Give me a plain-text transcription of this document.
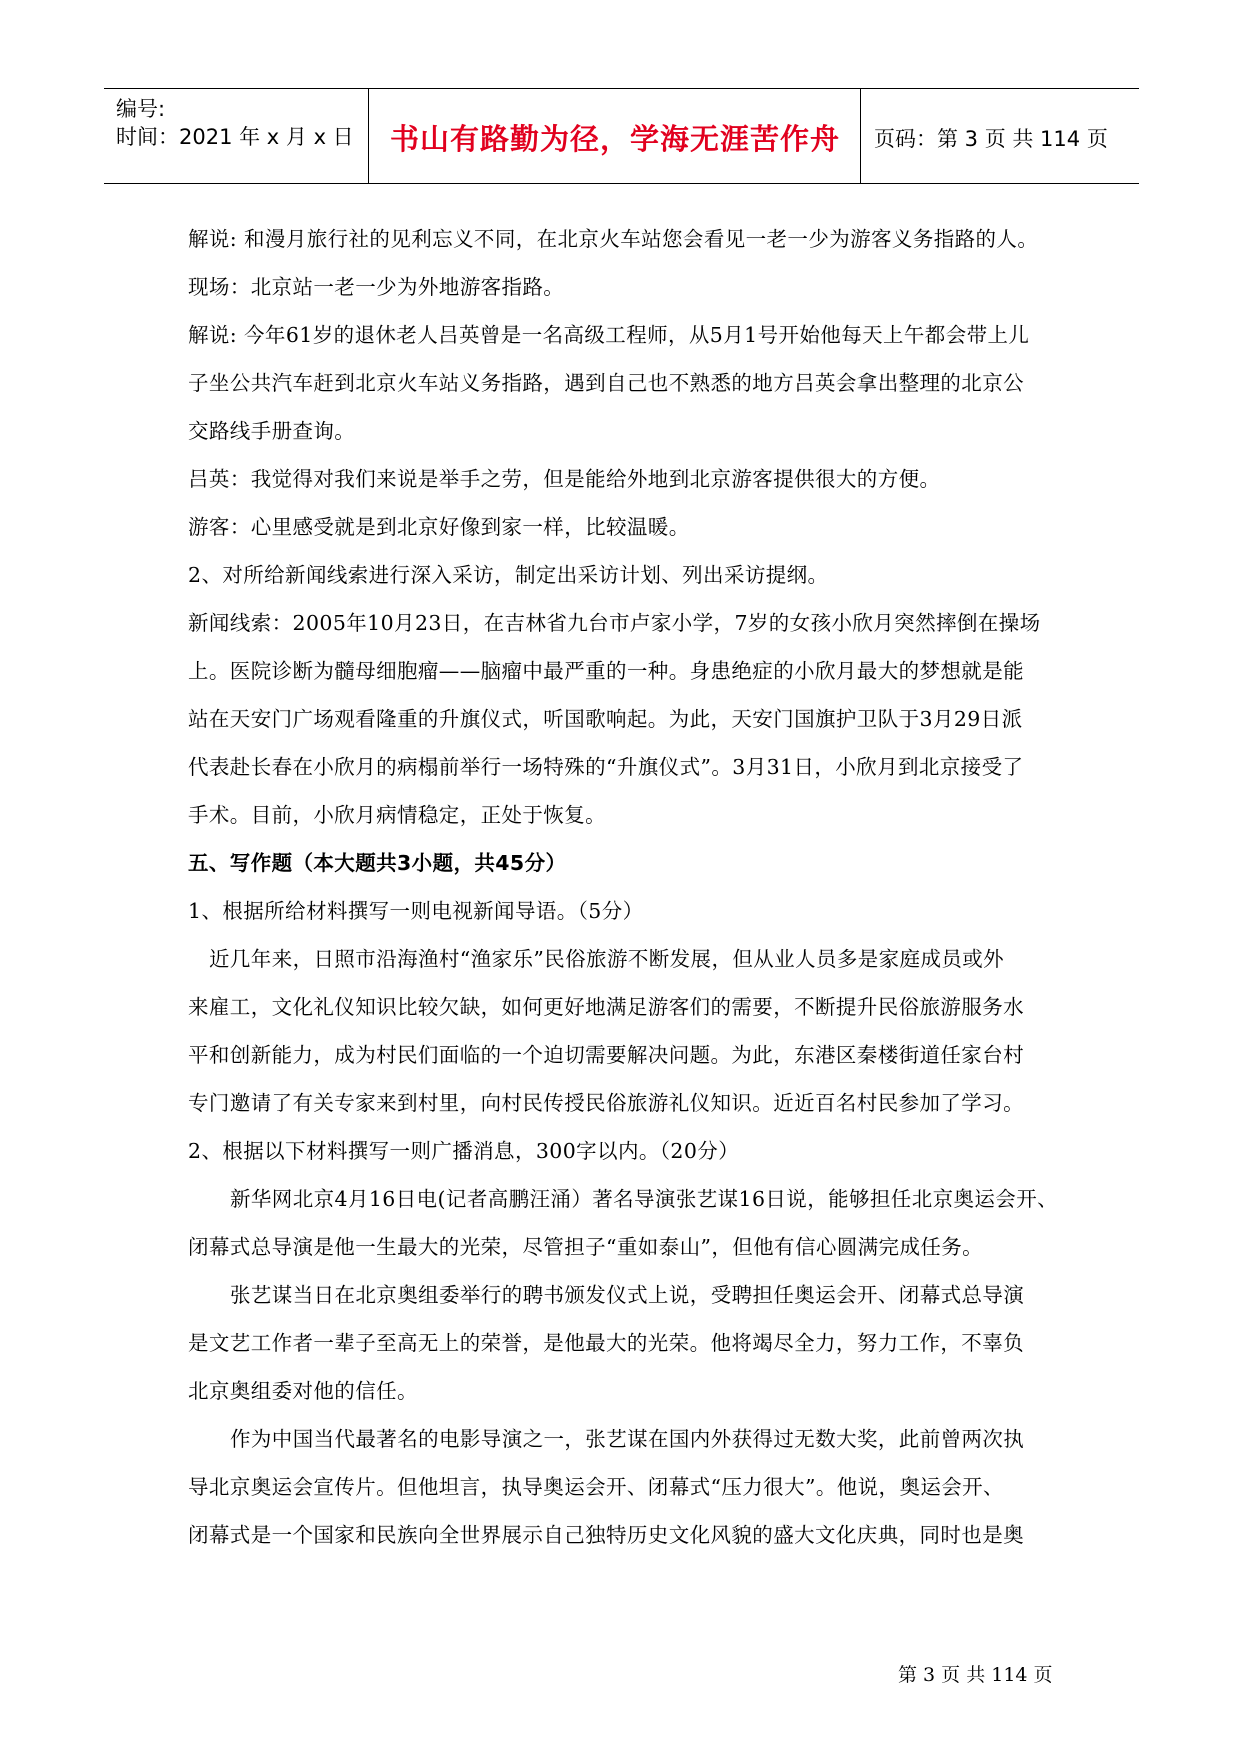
编号:
时间：2021 年 x 月 x 日	书山有路勤为径，学海无涯苦作舟	页码：第 3 页 共 114 页
解说: 和漫月旅行社的见利忘义不同，在北京火车站您会看见一老一少为游客义务指路的人。
现场：北京站一老一少为外地游客指路。
解说: 今年61岁的退休老人吕英曾是一名高级工程师，从5月1号开始他每天上午都会带上儿
子坐公共汽车赶到北京火车站义务指路，遇到自己也不熟悉的地方吕英会拿出整理的北京公
交路线手册查询。
吕英：我觉得对我们来说是举手之劳，但是能给外地到北京游客提供很大的方便。
游客：心里感受就是到北京好像到家一样，比较温暖。
2、对所给新闻线索进行深入采访，制定出采访计划、列出采访提纲。
新闻线索：2005年10月23日，在吉林省九台市卢家小学，7岁的女孩小欣月突然摔倒在操场
上。医院诊断为髓母细胞瘤——脑瘤中最严重的一种。身患绝症的小欣月最大的梦想就是能
站在天安门广场观看隆重的升旗仪式，听国歌响起。为此，天安门国旗护卫队于3月29日派
代表赴长春在小欣月的病榻前举行一场特殊的“升旗仪式”。3月31日，小欣月到北京接受了
手术。目前，小欣月病情稳定，正处于恢复。
五、写作题（本大题共3小题，共45分）
1、根据所给材料撰写一则电视新闻导语。（5分）
近几年来，日照市沿海渔村“渔家乐”民俗旅游不断发展，但从业人员多是家庭成员或外
来雇工，文化礼仪知识比较欠缺，如何更好地满足游客们的需要，不断提升民俗旅游服务水
平和创新能力，成为村民们面临的一个迫切需要解决问题。为此，东港区秦楼街道任家台村
专门邀请了有关专家来到村里，向村民传授民俗旅游礼仪知识。近近百名村民参加了学习。
2、根据以下材料撰写一则广播消息，300字以内。（20分）
新华网北京4月16日电(记者高鹏汪涌）著名导演张艺谋16日说，能够担任北京奥运会开、
闭幕式总导演是他一生最大的光荣，尽管担子“重如泰山”，但他有信心圆满完成任务。
张艺谋当日在北京奥组委举行的聘书颁发仪式上说，受聘担任奥运会开、闭幕式总导演
是文艺工作者一辈子至高无上的荣誉，是他最大的光荣。他将竭尽全力，努力工作，不辜负
北京奥组委对他的信任。
作为中国当代最著名的电影导演之一，张艺谋在国内外获得过无数大奖，此前曾两次执
导北京奥运会宣传片。但他坦言，执导奥运会开、闭幕式“压力很大”。他说，奥运会开、
闭幕式是一个国家和民族向全世界展示自己独特历史文化风貌的盛大文化庆典，同时也是奥
第 3 页 共 114 页
